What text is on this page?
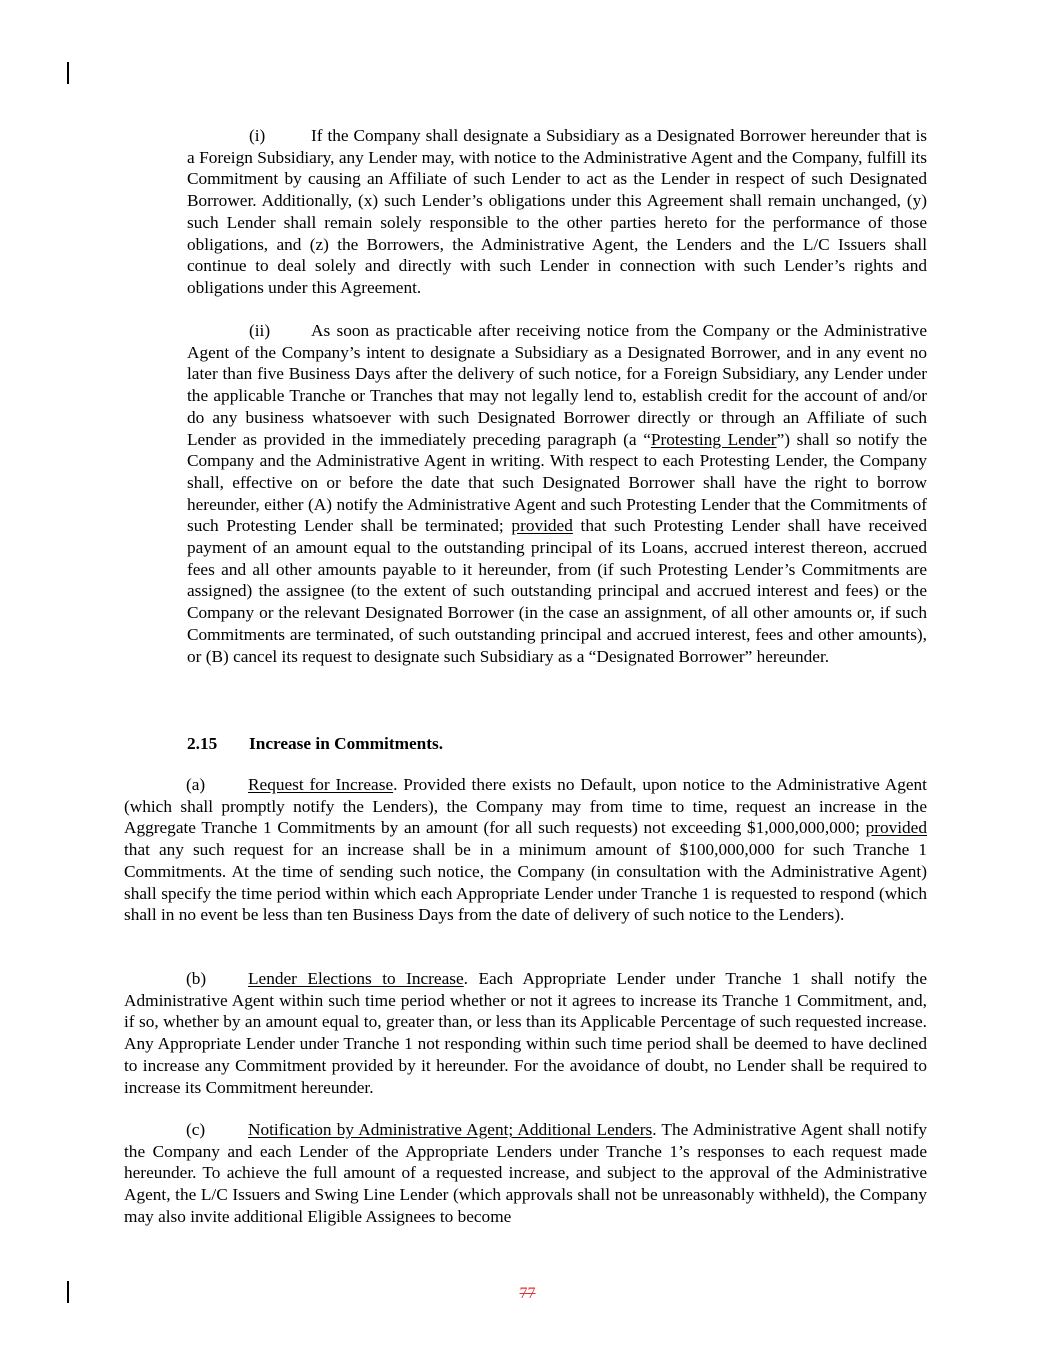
(i)	If the Company shall designate a Subsidiary as a Designated Borrower hereunder that is a Foreign Subsidiary, any Lender may, with notice to the Administrative Agent and the Company, fulfill its Commitment by causing an Affiliate of such Lender to act as the Lender in respect of such Designated Borrower. Additionally, (x) such Lender’s obligations under this Agreement shall remain unchanged, (y) such Lender shall remain solely responsible to the other parties hereto for the performance of those obligations, and (z) the Borrowers, the Administrative Agent, the Lenders and the L/C Issuers shall continue to deal solely and directly with such Lender in connection with such Lender’s rights and obligations under this Agreement.

(ii) As soon as practicable after receiving notice from the Company or the Administrative Agent of the Company’s intent to designate a Subsidiary as a Designated Borrower, and in any event no later than five Business Days after the delivery of such notice, for a Foreign Subsidiary, any Lender under the applicable Tranche or Tranches that may not legally lend to, establish credit for the account of and/or do any business whatsoever with such Designated Borrower directly or through an Affiliate of such Lender as provided in the immediately preceding paragraph (a “Protesting Lender”) shall so notify the Company and the Administrative Agent in writing. With respect to each Protesting Lender, the Company shall, effective on or before the date that such Designated Borrower shall have the right to borrow hereunder, either (A) notify the Administrative Agent and such Protesting Lender that the Commitments of such Protesting Lender shall be terminated; provided that such Protesting Lender shall have received payment of an amount equal to the outstanding principal of its Loans, accrued interest thereon, accrued fees and all other amounts payable to it hereunder, from (if such Protesting Lender’s Commitments are assigned) the assignee (to the extent of such outstanding principal and accrued interest and fees) or the Company or the relevant Designated Borrower (in the case an assignment, of all other amounts or, if such Commitments are terminated, of such outstanding principal and accrued interest, fees and other amounts), or (B) cancel its request to designate such Subsidiary as a “Designated Borrower” hereunder.

2.15 Increase in Commitments.

(a) Request for Increase. Provided there exists no Default, upon notice to the Administrative Agent (which shall promptly notify the Lenders), the Company may from time to time, request an increase in the Aggregate Tranche 1 Commitments by an amount (for all such requests) not exceeding $1,000,000,000; provided that any such request for an increase shall be in a minimum amount of $100,000,000 for such Tranche 1 Commitments. At the time of sending such notice, the Company (in consultation with the Administrative Agent) shall specify the time period within which each Appropriate Lender under Tranche 1 is requested to respond (which shall in no event be less than ten Business Days from the date of delivery of such notice to the Lenders).

(b) Lender Elections to Increase. Each Appropriate Lender under Tranche 1 shall notify the Administrative Agent within such time period whether or not it agrees to increase its Tranche 1 Commitment, and, if so, whether by an amount equal to, greater than, or less than its Applicable Percentage of such requested increase. Any Appropriate Lender under Tranche 1 not responding within such time period shall be deemed to have declined to increase any Commitment provided by it hereunder. For the avoidance of doubt, no Lender shall be required to increase its Commitment hereunder.

(c) Notification by Administrative Agent; Additional Lenders. The Administrative Agent shall notify the Company and each Lender of the Appropriate Lenders under Tranche 1’s responses to each request made hereunder. To achieve the full amount of a requested increase, and subject to the approval of the Administrative Agent, the L/C Issuers and Swing Line Lender (which approvals shall not be unreasonably withheld), the Company may also invite additional Eligible Assignees to become

77
